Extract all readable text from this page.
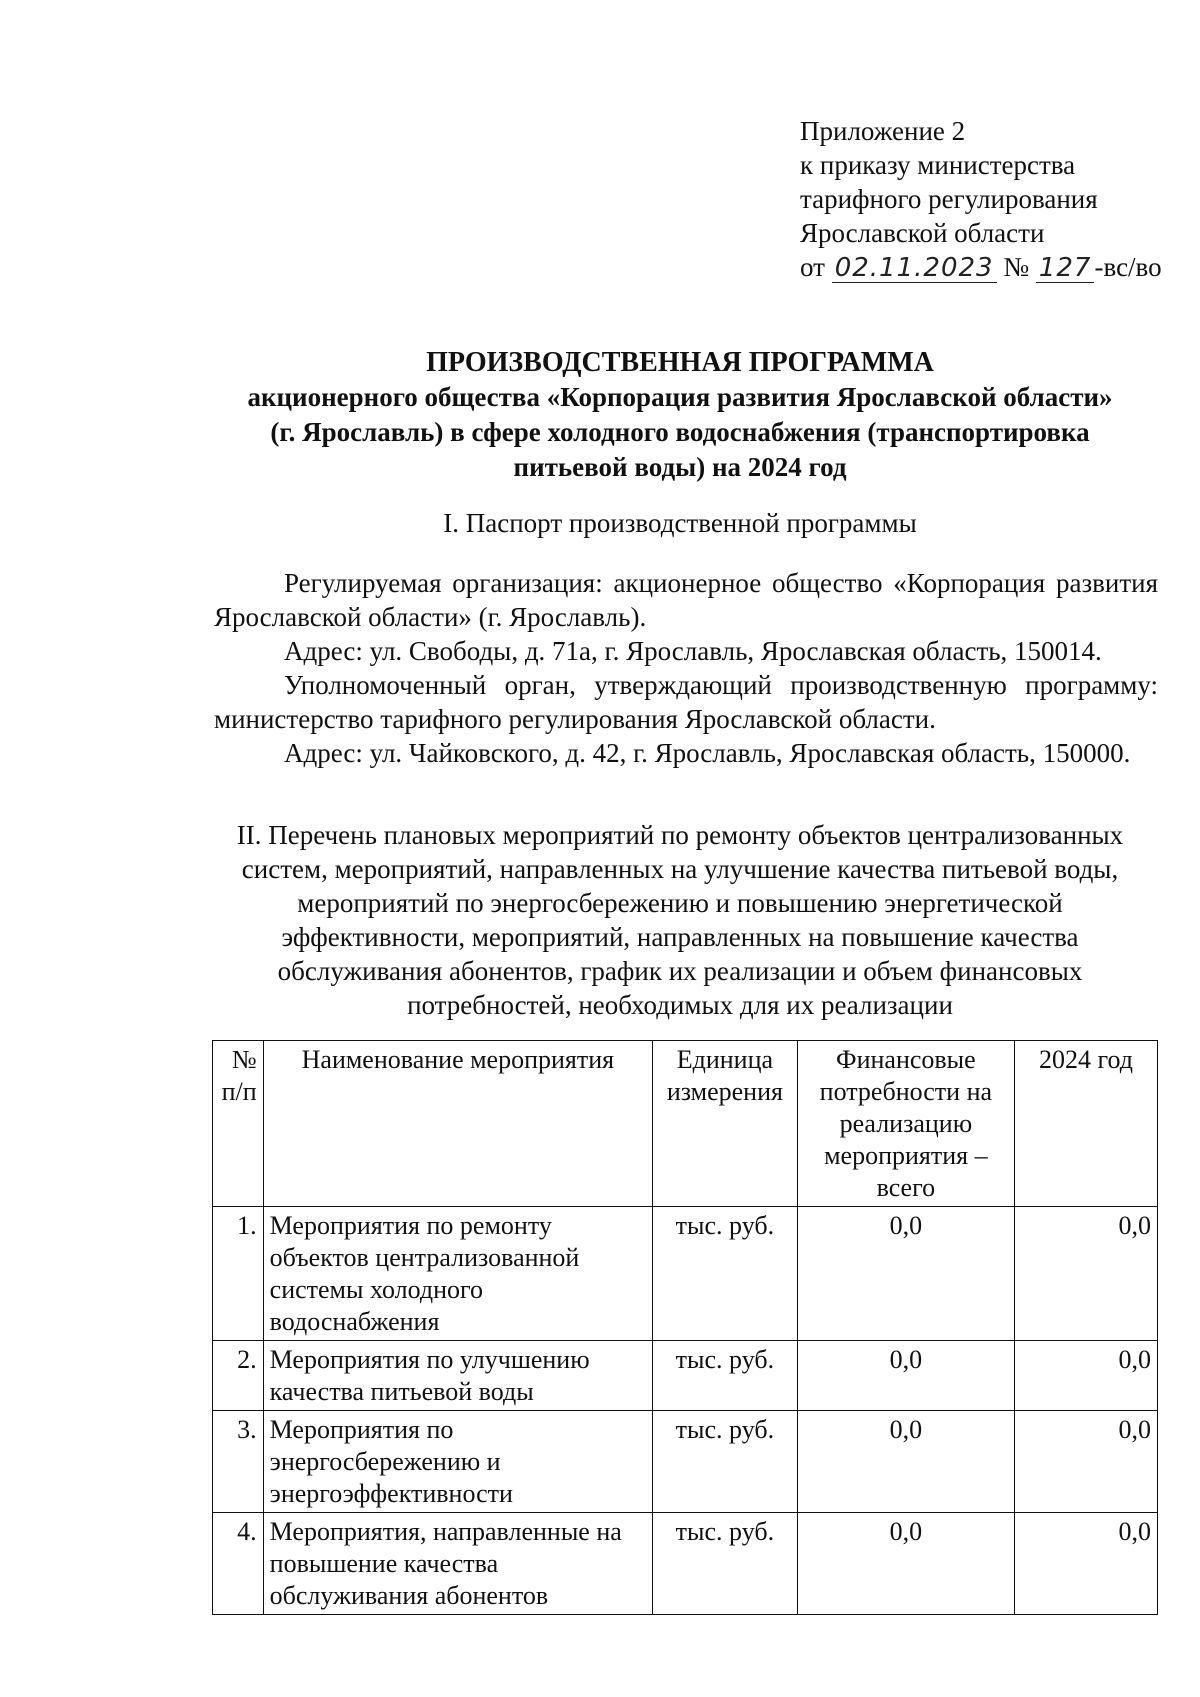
Приложение 2
к приказу министерства
тарифного регулирования
Ярославской области
от 02.11.2023 № 127 -вс/во
ПРОИЗВОДСТВЕННАЯ ПРОГРАММА
акционерного общества «Корпорация развития Ярославской области»
(г. Ярославль) в сфере холодного водоснабжения (транспортировка
питьевой воды) на 2024 год
I. Паспорт производственной программы

Регулируемая организация: акционерное общество «Корпорация развития Ярославской области» (г. Ярославль).

Адрес: ул. Свободы, д. 71а, г. Ярославль, Ярославская область, 150014.

Уполномоченный орган, утверждающий производственную программу: министерство тарифного регулирования Ярославской области.

Адрес: ул. Чайковского, д. 42, г. Ярославль, Ярославская область, 150000.

II. Перечень плановых мероприятий по ремонту объектов централизованных
систем, мероприятий, направленных на улучшение качества питьевой воды,
мероприятий по энергосбережению и повышению энергетической
эффективности, мероприятий, направленных на повышение качества
обслуживания абонентов, график их реализации и объем финансовых
потребностей, необходимых для их реализации
№ п/п	Наименование мероприятия	Единица измерения	Финансовые потребности на реализацию мероприятия – всего	2024 год
1.	Мероприятия по ремонту объектов централизованной системы холодного водоснабжения	тыс. руб.	0,0	0,0
2.	Мероприятия по улучшению качества питьевой воды	тыс. руб.	0,0	0,0
3.	Мероприятия по энергосбережению и энергоэффективности	тыс. руб.	0,0	0,0
4.	Мероприятия, направленные на повышение качества обслуживания абонентов	тыс. руб.	0,0	0,0
